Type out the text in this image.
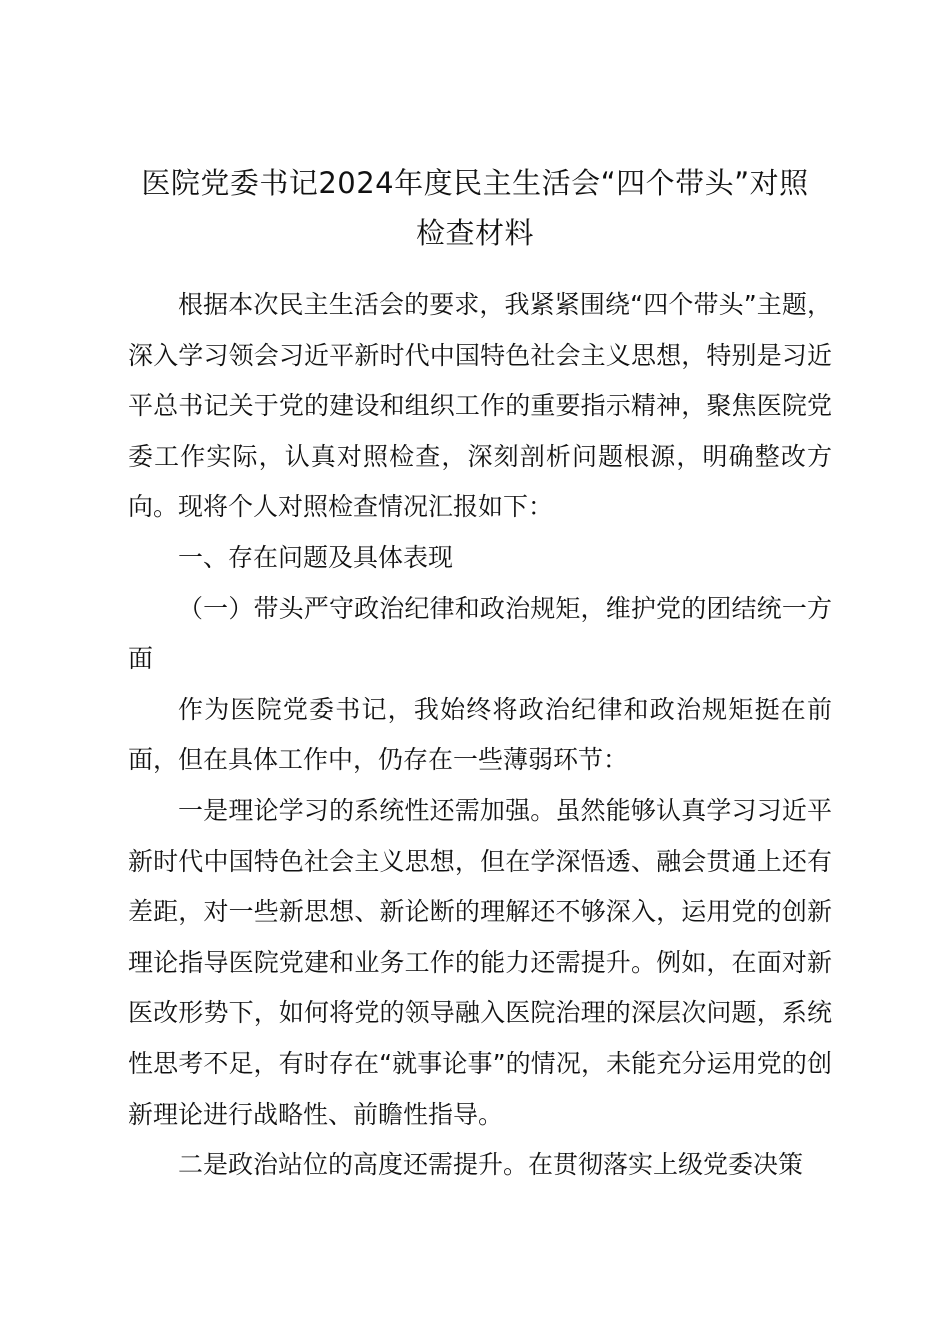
医院党委书记2024年度民主生活会“四个带头”对照
检查材料

根据本次民主生活会的要求，我紧紧围绕“四个带头”主题，深入学习领会习近平新时代中国特色社会主义思想，特别是习近平总书记关于党的建设和组织工作的重要指示精神，聚焦医院党委工作实际，认真对照检查，深刻剖析问题根源，明确整改方向。现将个人对照检查情况汇报如下：

一、存在问题及具体表现

（一）带头严守政治纪律和政治规矩，维护党的团结统一方面

作为医院党委书记，我始终将政治纪律和政治规矩挺在前面，但在具体工作中，仍存在一些薄弱环节：

一是理论学习的系统性还需加强。虽然能够认真学习习近平新时代中国特色社会主义思想，但在学深悟透、融会贯通上还有差距，对一些新思想、新论断的理解还不够深入，运用党的创新理论指导医院党建和业务工作的能力还需提升。例如，在面对新医改形势下，如何将党的领导融入医院治理的深层次问题，系统性思考不足，有时存在“就事论事”的情况，未能充分运用党的创新理论进行战略性、前瞻性指导。

二是政治站位的高度还需提升。在贯彻落实上级党委决策
